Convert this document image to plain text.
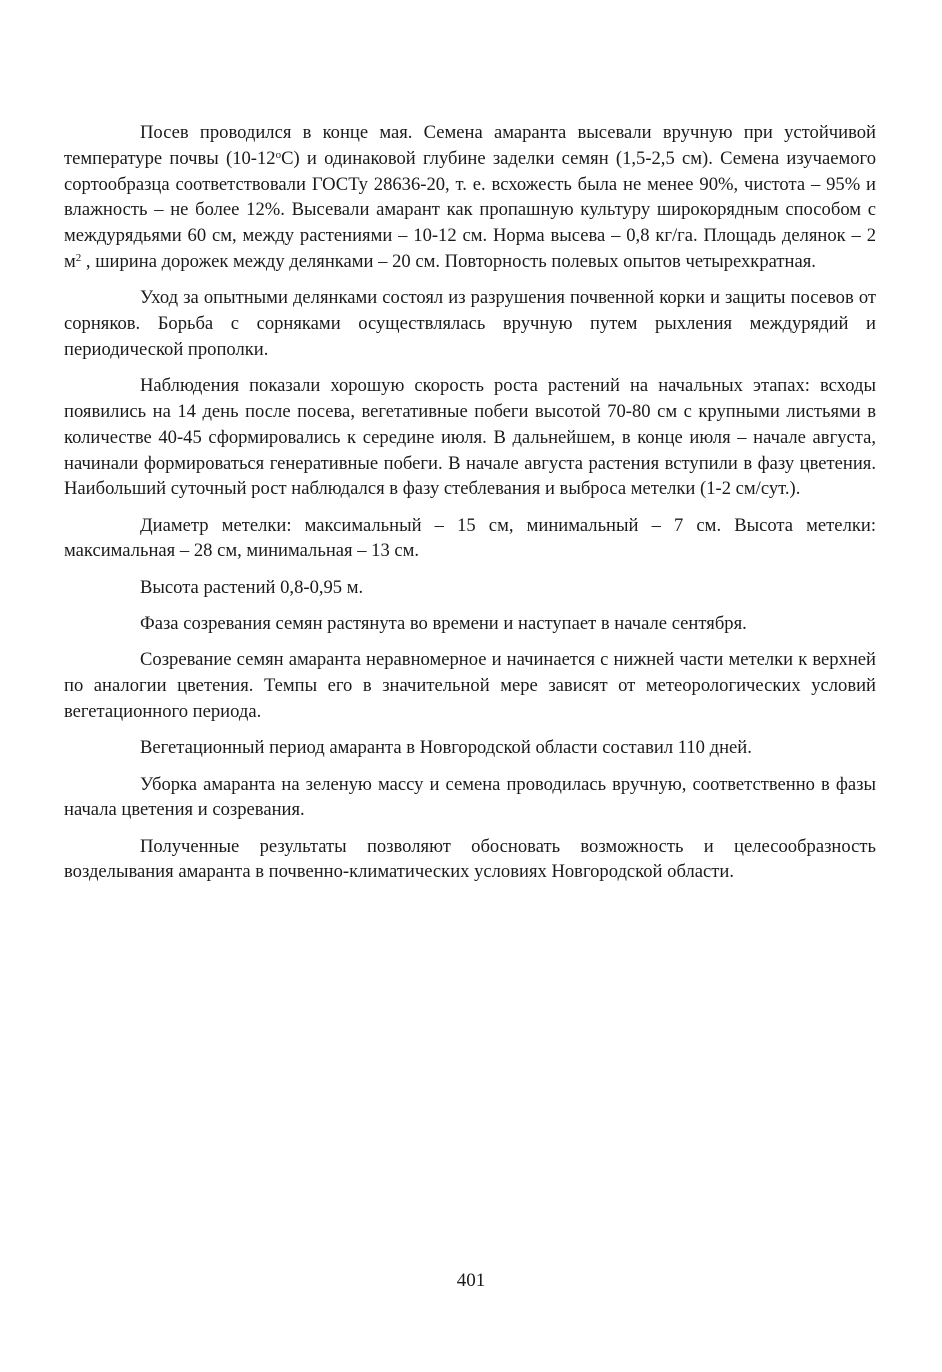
Посев проводился в конце мая. Семена амаранта высевали вручную при устойчивой температуре почвы $(10-12^оС)$ и одинаковой глубине заделки семян (1,5-2,5 см). Семена изучаемого сортообразца соответствовали ГОСТу 28636-20, т. е. всхожесть была не менее 90%, чистота – 95% и влажность – не более 12%. Высевали амарант как пропашную культуру широкорядным способом с междурядьями 60 см, между растениями – 10-12 см. Норма высева – 0,8 кг/га. Площадь делянок – 2 $м^2$ , ширина дорожек между делянками – 20 см. Повторность полевых опытов четырехкратная.

Уход за опытными делянками состоял из разрушения почвенной корки и защиты посевов от сорняков. Борьба с сорняками осуществлялась вручную путем рыхления междурядий и периодической прополки.

Наблюдения показали хорошую скорость роста растений на начальных этапах: всходы появились на 14 день после посева, вегетативные побеги высотой 70-80 см с крупными листьями в количестве 40-45 сформировались к середине июля. В дальнейшем, в конце июля – начале августа, начинали формироваться генеративные побеги. В начале августа растения вступили в фазу цветения. Наибольший суточный рост наблюдался в фазу стеблевания и выброса метелки (1-2 см/сут.).

Диаметр метелки: максимальный – 15 см, минимальный – 7 см. Высота метелки: максимальная – 28 см, минимальная – 13 см.

Высота растений 0,8-0,95 м.

Фаза созревания семян растянута во времени и наступает в начале сентября.

Созревание семян амаранта неравномерное и начинается с нижней части метелки к верхней по аналогии цветения. Темпы его в значительной мере зависят от метеорологических условий вегетационного периода.

Вегетационный период амаранта в Новгородской области составил 110 дней.

Уборка амаранта на зеленую массу и семена проводилась вручную, соответственно в фазы начала цветения и созревания.

Полученные результаты позволяют обосновать возможность и целесообразность возделывания амаранта в почвенно-климатических условиях Новгородской области.

401
